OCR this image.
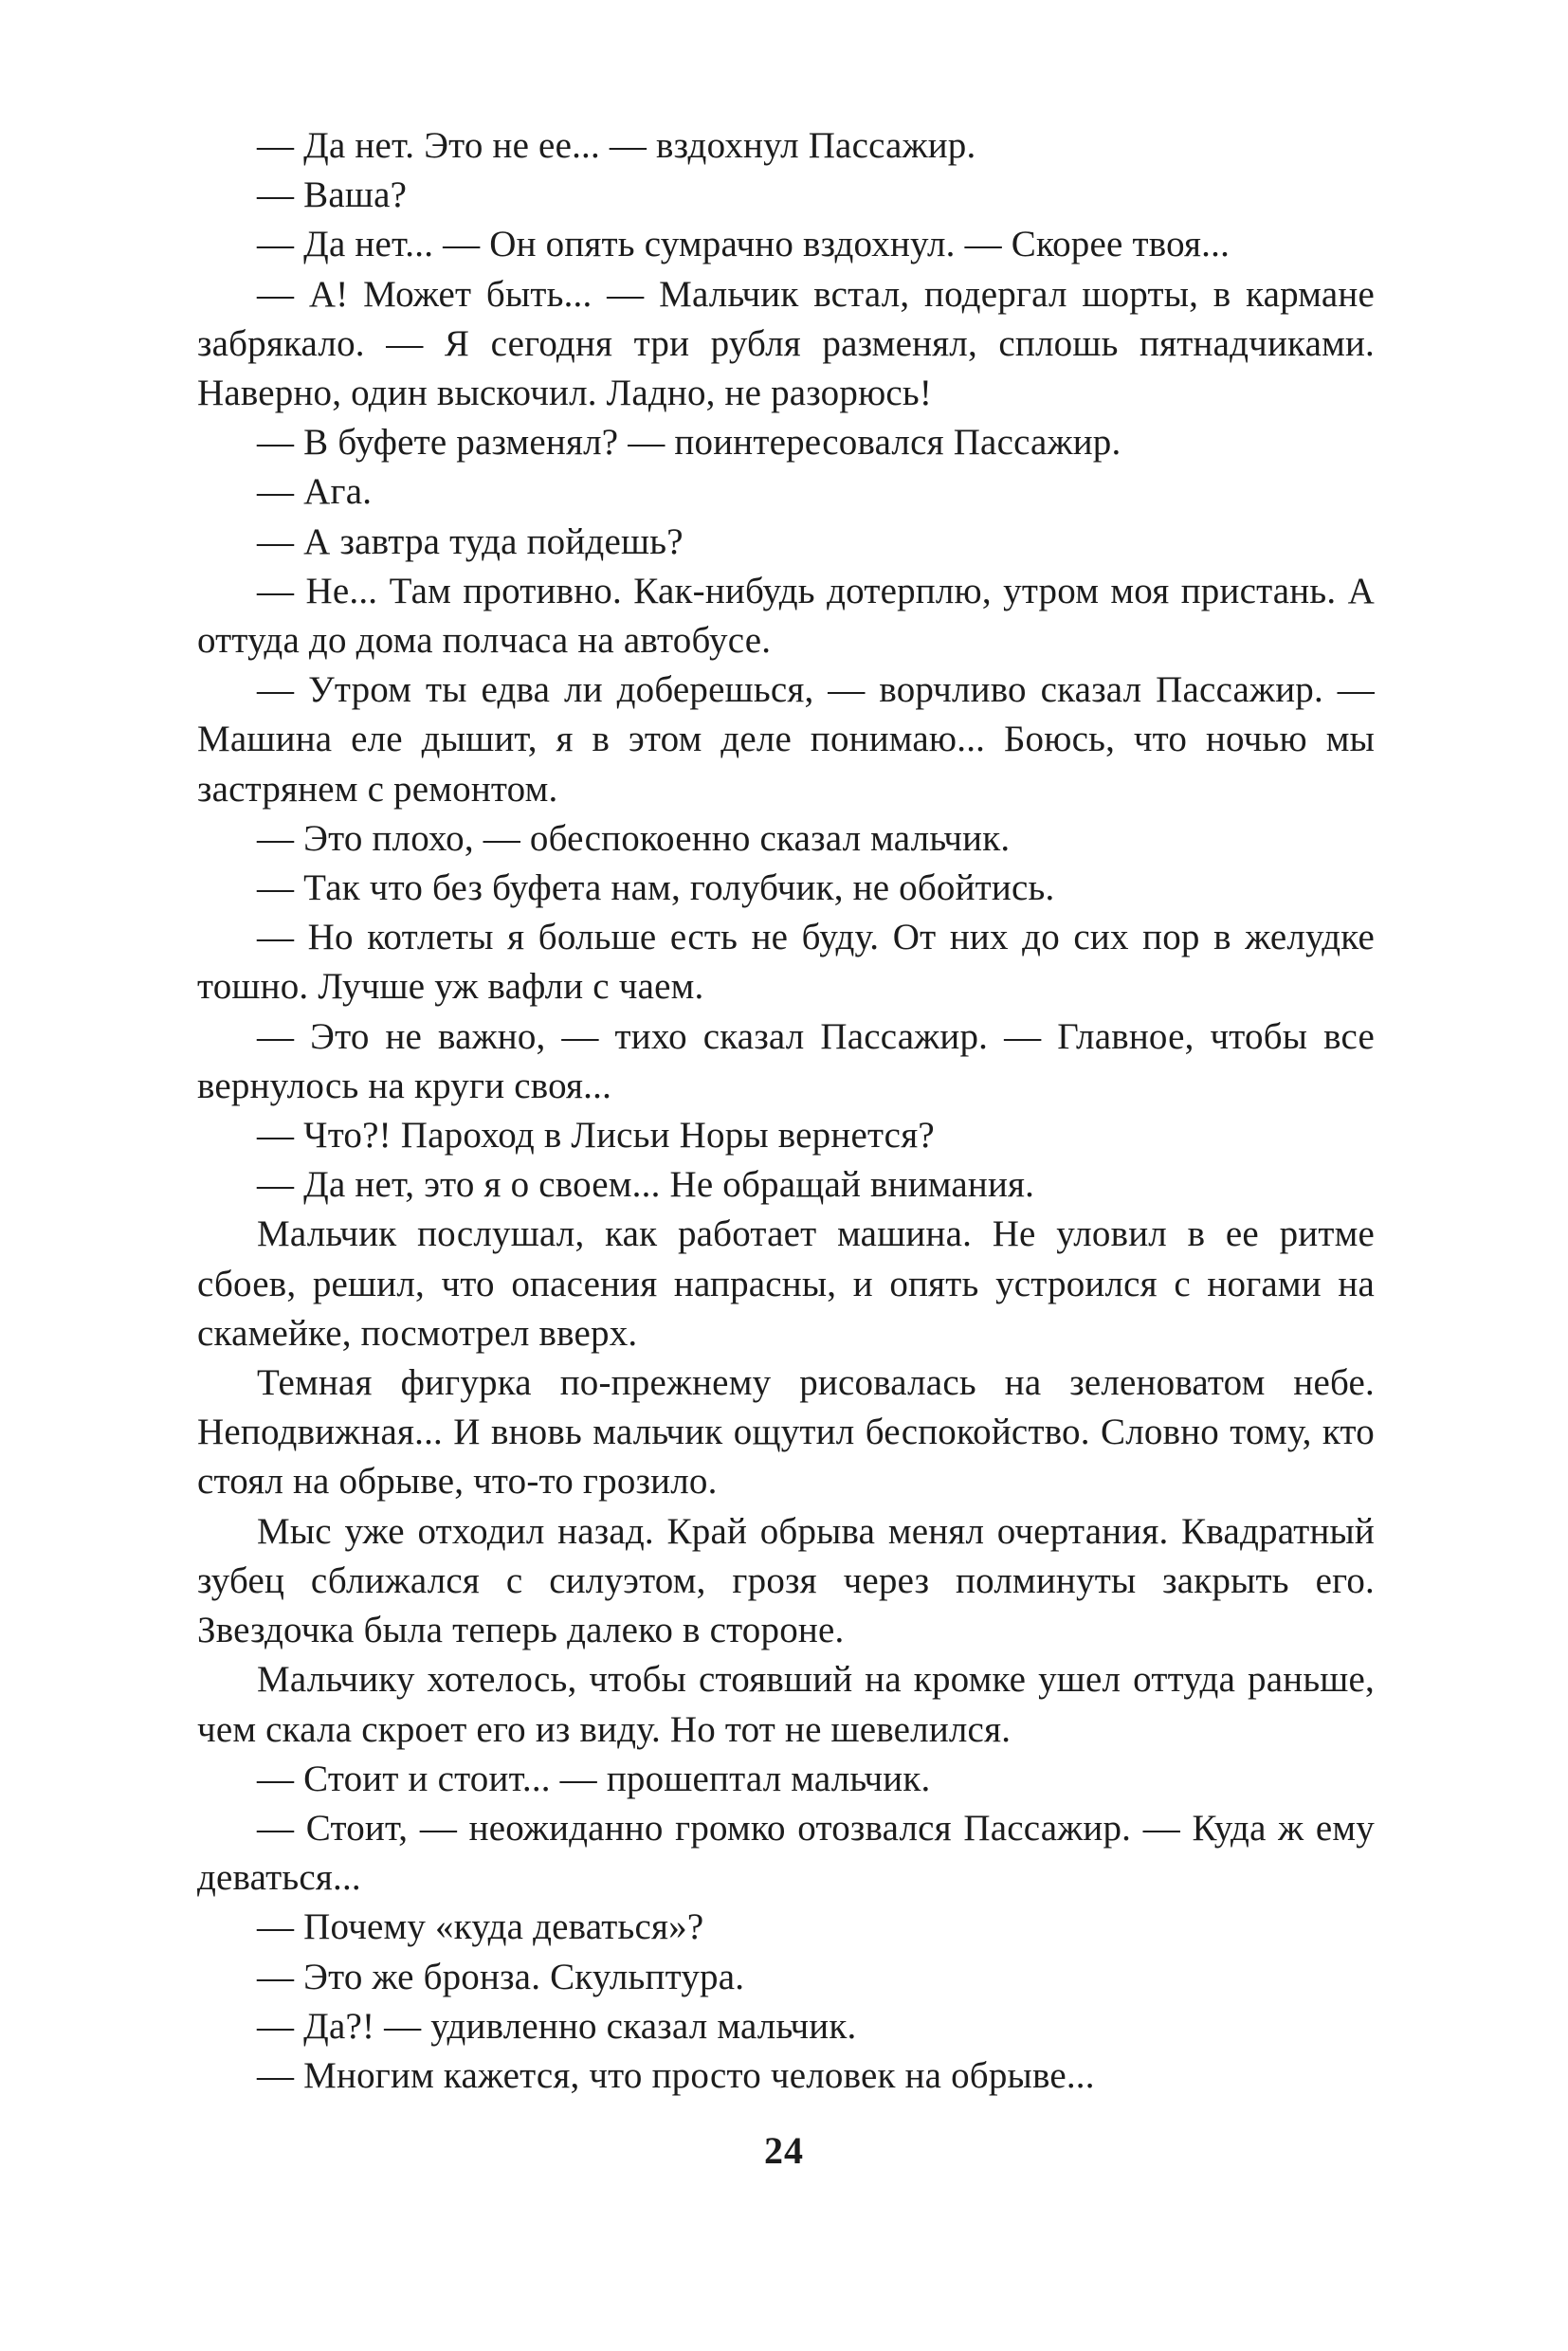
— Да нет. Это не ее... — вздохнул Пассажир.

— Ваша?

— Да нет... — Он опять сумрачно вздохнул. — Скорее твоя...

— А! Может быть... — Мальчик встал, подергал шорты, в кармане забрякало. — Я сегодня три рубля разменял, сплошь пятнадчиками. Наверно, один выскочил. Ладно, не разорюсь!

— В буфете разменял? — поинтересовался Пассажир.

— Ага.

— А завтра туда пойдешь?

— Не... Там противно. Как-нибудь дотерплю, утром моя пристань. А оттуда до дома полчаса на автобусе.

— Утром ты едва ли доберешься, — ворчливо сказал Пассажир. — Машина еле дышит, я в этом деле понимаю... Боюсь, что ночью мы застрянем с ремонтом.

— Это плохо, — обеспокоенно сказал мальчик.

— Так что без буфета нам, голубчик, не обойтись.

— Но котлеты я больше есть не буду. От них до сих пор в желудке тошно. Лучше уж вафли с чаем.

— Это не важно, — тихо сказал Пассажир. — Главное, чтобы все вернулось на круги своя...

— Что?! Пароход в Лисьи Норы вернется?

— Да нет, это я о своем... Не обращай внимания.

Мальчик послушал, как работает машина. Не уловил в ее ритме сбоев, решил, что опасения напрасны, и опять устроился с ногами на скамейке, посмотрел вверх.

Темная фигурка по-прежнему рисовалась на зеленоватом небе. Неподвижная... И вновь мальчик ощутил беспокойство. Словно тому, кто стоял на обрыве, что-то грозило.

Мыс уже отходил назад. Край обрыва менял очертания. Квадратный зубец сближался с силуэтом, грозя через полминуты закрыть его. Звездочка была теперь далеко в стороне.

Мальчику хотелось, чтобы стоявший на кромке ушел оттуда раньше, чем скала скроет его из виду. Но тот не шевелился.

— Стоит и стоит... — прошептал мальчик.

— Стоит, — неожиданно громко отозвался Пассажир. — Куда ж ему деваться...

— Почему «куда деваться»?

— Это же бронза. Скульптура.

— Да?! — удивленно сказал мальчик.

— Многим кажется, что просто человек на обрыве...

24
